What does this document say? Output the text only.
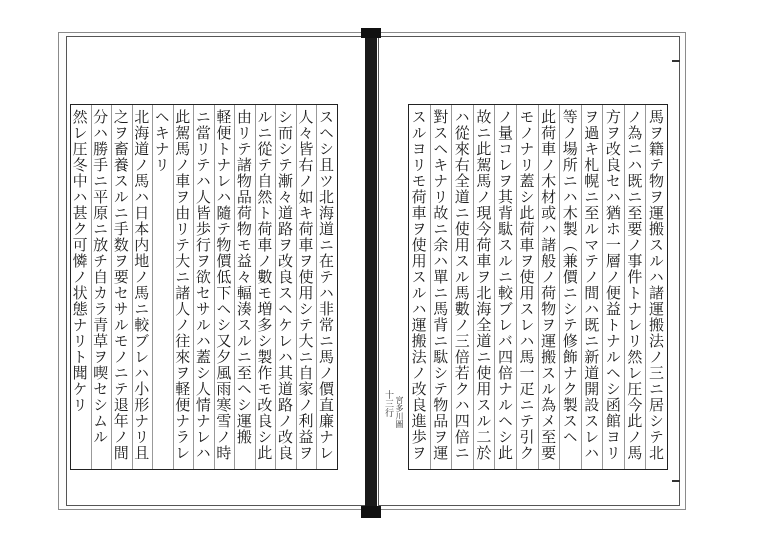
スヘシ且ツ北海道ニ在テハ非常ニ馬ノ價直廉ナレ
人々皆右ノ如キ荷車ヲ使用シテ大ニ自家ノ利益ヲ
シ而シテ漸々道路ヲ改良スヘケレハ其道路ノ改良
ルニ從テ自然ト荷車ノ數モ増多シ製作モ改良シ此
由リテ諸物品荷物モ益々輻湊スルニ至ヘシ運搬
軽便トナレハ隨テ物價低下ヘシ又夕風雨寒雪ノ時
ニ當リテハ人皆歩行ヲ欲セサルハ蓋シ人情ナレハ
此駕馬ノ車ヲ由リテ大ニ諸人ノ往來ヲ軽便ナラレ
ヘキナリ
北海道ノ馬ハ日本内地ノ馬ニ較ブレハ小形ナリ且
之ヲ畜養スルニ手数ヲ要セサルモノニテ退年ノ間
分ハ勝手ニ平原ニ放チ自カラ青草ヲ喫セシムル
然レ圧冬中ハ甚ク可憐ノ状態ナリト聞ケリ	馬ヲ籍テ物ヲ運搬スルハ諸運搬法ノ三ニ居シテ北
ノ為ニハ既ニ至要ノ事件トナレリ然レ圧今此ノ馬
方ヲ改良セハ猶ホ一層ノ便益トナルヘシ函館ヨリ
ヲ過キ札幌ニ至ルマテノ間ハ既ニ新道開設スレハ
等ノ場所ニハ木製（兼價ニシテ修飾ナク製スヘ
此荷車ノ木材或ハ諸般ノ荷物ヲ運搬スル為メ至要
モノナリ蓋シ此荷車ヲ使用スレハ馬一疋ニテ引ク
ノ量コレヲ其背駄スルニ較ブレバ四倍ナルヘシ此
故ニ此駕馬ノ現今荷車ヲ北海全道ニ使用スル二於
ハ從來右全道ニ使用スル馬數ノ三倍若クハ四倍ニ
對スヘキナリ故ニ余ハ單ニ馬背ニ駄シテ物品ヲ運
スルヨリモ荷車ヲ使用スルハ運搬法ノ改良進歩ヲ
十三行 宮多川圖
